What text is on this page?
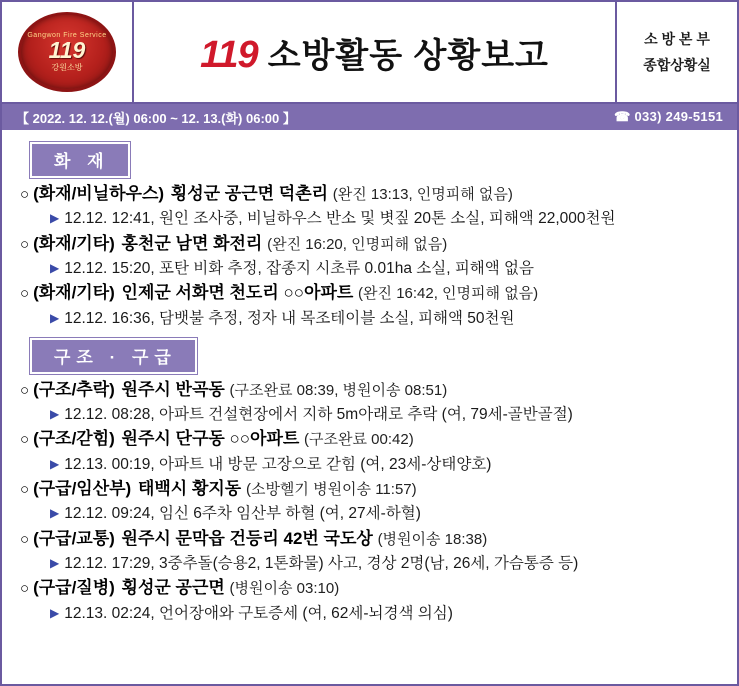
Gangwon Fire Service
119
강원소방	119 소방활동 상황보고	소 방 본 부
종합상황실
【 2022. 12. 12.(월) 06:00 ~ 12. 13.(화) 06:00 】	☎ 033) 249-5151
화 재
○ (화재/비닐하우스) 횡성군 공근면 덕촌리 (완진 13:13, 인명피해 없음)
▶ 12.12. 12:41, 원인 조사중, 비닐하우스 반소 및 볏짚 20톤 소실, 피해액 22,000천원
○ (화재/기타) 홍천군 남면 화전리 (완진 16:20, 인명피해 없음)
▶ 12.12. 15:20, 포탄 비화 추정, 잡종지 시초류 0.01ha 소실, 피해액 없음
○ (화재/기타) 인제군 서화면 천도리 ○○아파트 (완진 16:42, 인명피해 없음)
▶ 12.12. 16:36, 담뱃불 추정, 정자 내 목조테이블 소실, 피해액 50천원
구조 · 구급
○ (구조/추락) 원주시 반곡동 (구조완료 08:39, 병원이송 08:51)
▶ 12.12. 08:28, 아파트 건설현장에서 지하 5m아래로 추락 (여, 79세-골반골절)
○ (구조/갇힘) 원주시 단구동 ○○아파트 (구조완료 00:42)
▶ 12.13. 00:19, 아파트 내 방문 고장으로 갇힘 (여, 23세-상태양호)
○ (구급/임산부) 태백시 황지동 (소방헬기 병원이송 11:57)
▶ 12.12. 09:24, 임신 6주차 임산부 하혈 (여, 27세-하혈)
○ (구급/교통) 원주시 문막읍 건등리 42번 국도상 (병원이송 18:38)
▶ 12.12. 17:29, 3중추돌(승용2, 1톤화물) 사고, 경상 2명(남, 26세, 가슴통증 등)
○ (구급/질병) 횡성군 공근면 (병원이송 03:10)
▶ 12.13. 02:24, 언어장애와 구토증세 (여, 62세-뇌경색 의심)
